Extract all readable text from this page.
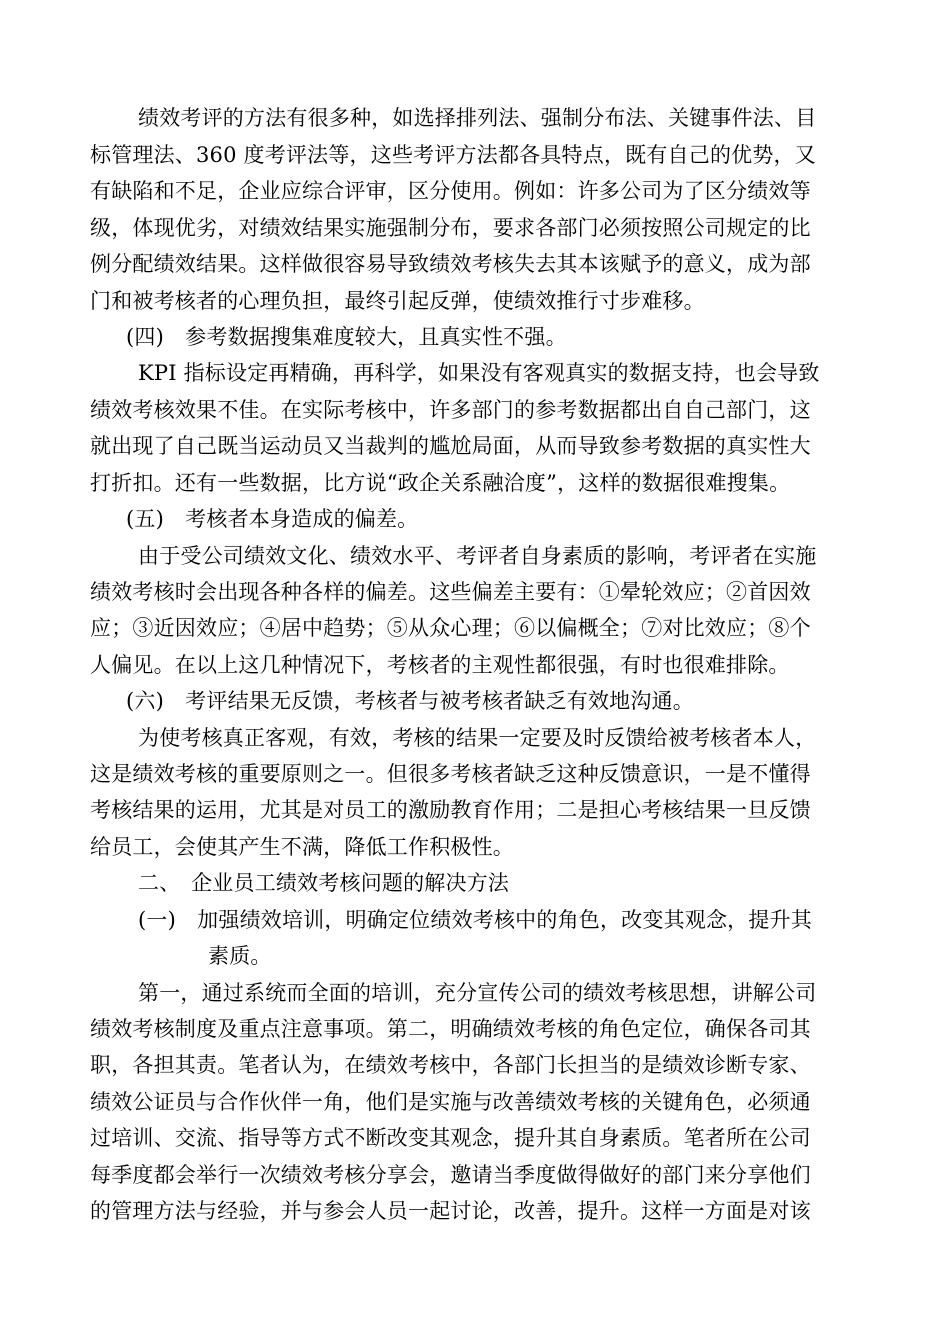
绩效考评的方法有很多种，如选择排列法、强制分布法、关键事件法、目

标管理法、360 度考评法等，这些考评方法都各具特点，既有自己的优势，又

有缺陷和不足，企业应综合评审，区分使用。例如：许多公司为了区分绩效等

级，体现优劣，对绩效结果实施强制分布，要求各部门必须按照公司规定的比

例分配绩效结果。这样做很容易导致绩效考核失去其本该赋予的意义，成为部

门和被考核者的心理负担，最终引起反弹，使绩效推行寸步难移。

(四)　参考数据搜集难度较大，且真实性不强。

KPI 指标设定再精确，再科学，如果没有客观真实的数据支持，也会导致

绩效考核效果不佳。在实际考核中，许多部门的参考数据都出自自己部门，这

就出现了自己既当运动员又当裁判的尴尬局面，从而导致参考数据的真实性大

打折扣。还有一些数据，比方说“政企关系融洽度”，这样的数据很难搜集。

(五)　考核者本身造成的偏差。

由于受公司绩效文化、绩效水平、考评者自身素质的影响，考评者在实施

绩效考核时会出现各种各样的偏差。这些偏差主要有：①晕轮效应；②首因效

应；③近因效应；④居中趋势；⑤从众心理；⑥以偏概全；⑦对比效应；⑧个

人偏见。在以上这几种情况下，考核者的主观性都很强，有时也很难排除。

(六)　考评结果无反馈，考核者与被考核者缺乏有效地沟通。

为使考核真正客观，有效，考核的结果一定要及时反馈给被考核者本人，

这是绩效考核的重要原则之一。但很多考核者缺乏这种反馈意识，一是不懂得

考核结果的运用，尤其是对员工的激励教育作用；二是担心考核结果一旦反馈

给员工，会使其产生不满，降低工作积极性。

二、　企业员工绩效考核问题的解决方法

(一)　加强绩效培训，明确定位绩效考核中的角色，改变其观念，提升其

素质。

第一，通过系统而全面的培训，充分宣传公司的绩效考核思想，讲解公司

绩效考核制度及重点注意事项。第二，明确绩效考核的角色定位，确保各司其

职，各担其责。笔者认为，在绩效考核中，各部门长担当的是绩效诊断专家、

绩效公证员与合作伙伴一角，他们是实施与改善绩效考核的关键角色，必须通

过培训、交流、指导等方式不断改变其观念，提升其自身素质。笔者所在公司

每季度都会举行一次绩效考核分享会，邀请当季度做得做好的部门来分享他们

的管理方法与经验，并与参会人员一起讨论，改善，提升。这样一方面是对该
